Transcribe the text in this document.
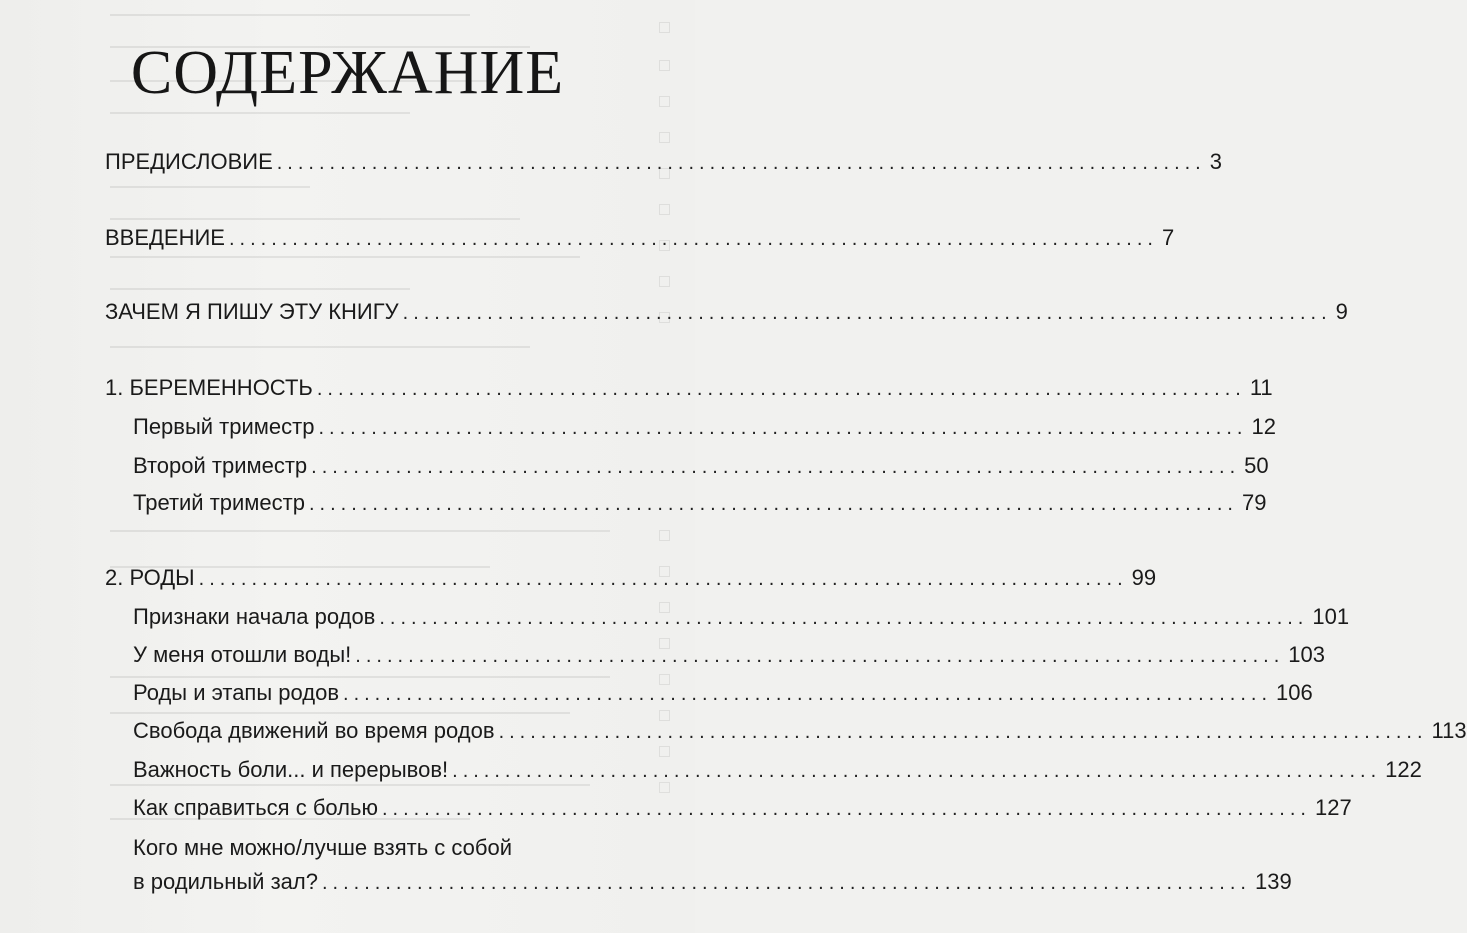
СОДЕРЖАНИЕ
ПРЕДИСЛОВИЕ ........................................................................................ 3
ВВЕДЕНИЕ ........................................................................................ 7
ЗАЧЕМ Я ПИШУ ЭТУ КНИГУ ........................................................................................ 9
1. БЕРЕМЕННОСТЬ ........................................................................................ 11
Первый триместр ........................................................................................ 12
Второй триместр ........................................................................................ 50
Третий триместр ........................................................................................ 79
2. РОДЫ ........................................................................................ 99
Признаки начала родов ........................................................................................ 101
У меня отошли воды! ........................................................................................ 103
Роды и этапы родов ........................................................................................ 106
Свобода движений во время родов ........................................................................................ 113
Важность боли... и перерывов! ........................................................................................ 122
Как справиться с болью ........................................................................................ 127
Кого мне можно/лучше взять с собой
в родильный зал? ........................................................................................ 139
